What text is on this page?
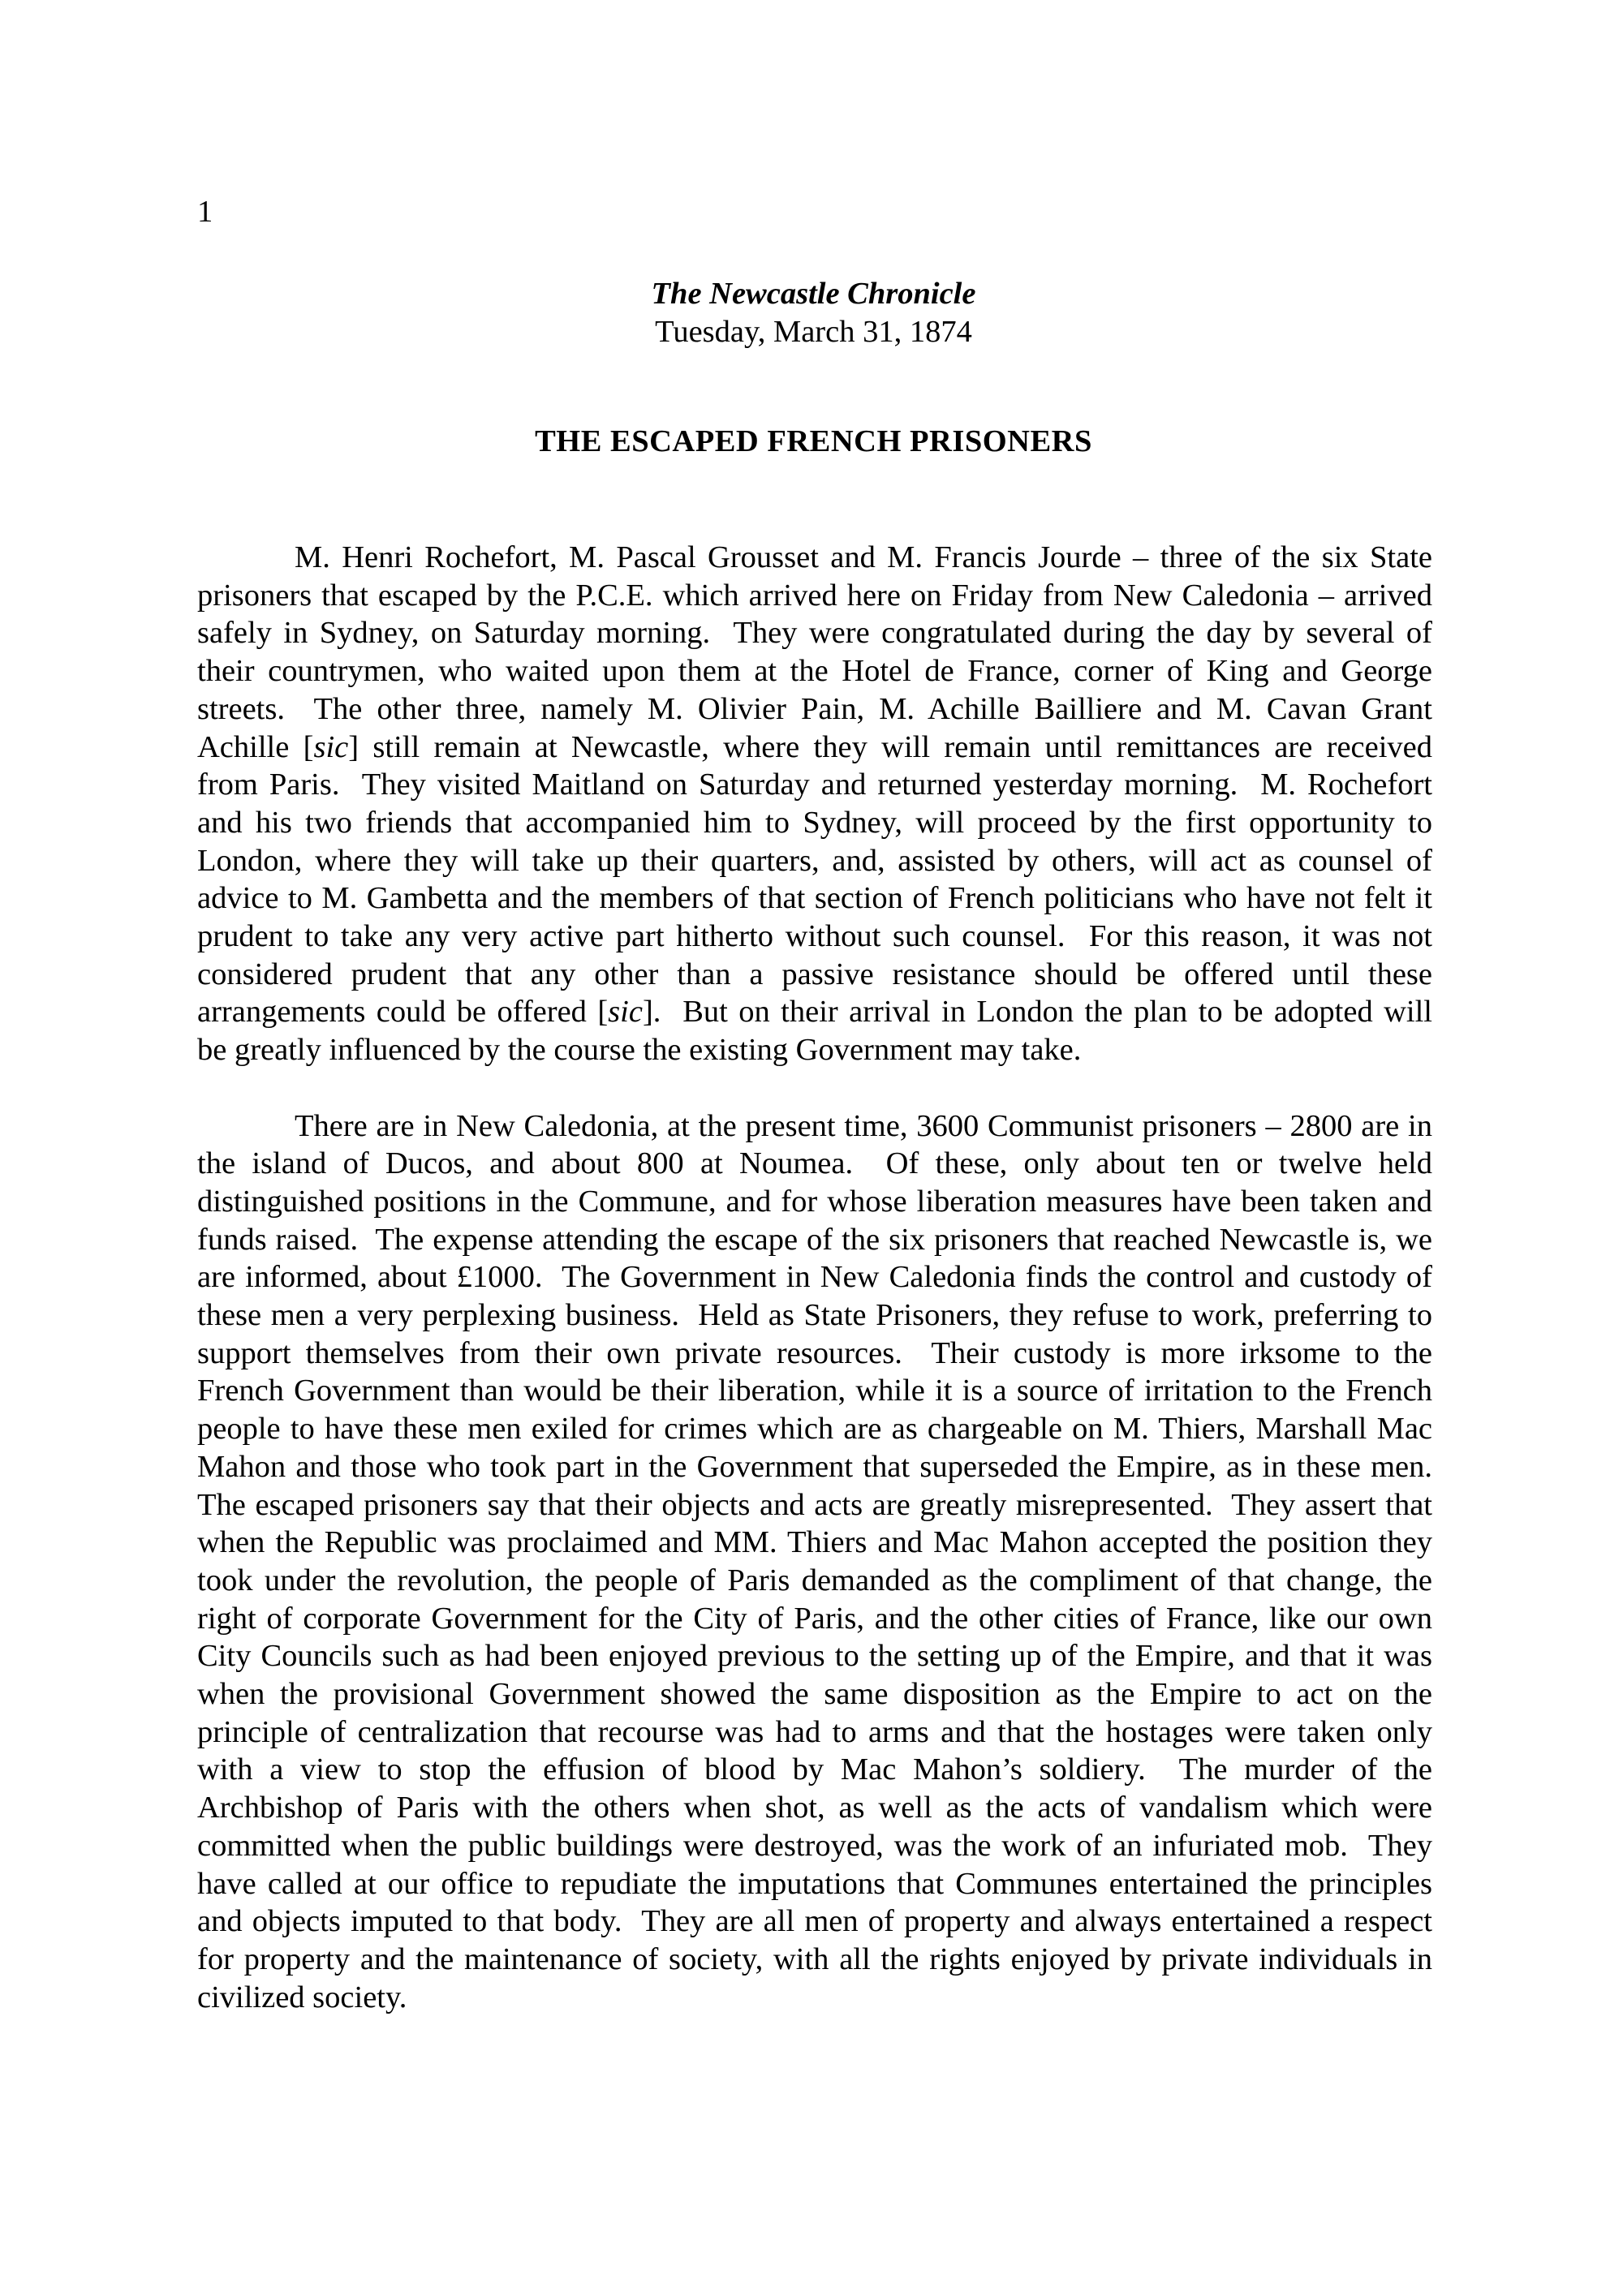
1
The Newcastle Chronicle
Tuesday, March 31, 1874
THE ESCAPED FRENCH PRISONERS
M. Henri Rochefort, M. Pascal Grousset and M. Francis Jourde – three of the six State
prisoners that escaped by the P.C.E. which arrived here on Friday from New Caledonia – arrived
safely in Sydney, on Saturday morning.  They were congratulated during the day by several of
their countrymen, who waited upon them at the Hotel de France, corner of King and George
streets.  The other three, namely M. Olivier Pain, M. Achille Bailliere and M. Cavan Grant
Achille [sic] still remain at Newcastle, where they will remain until remittances are received
from Paris.  They visited Maitland on Saturday and returned yesterday morning.  M. Rochefort
and his two friends that accompanied him to Sydney, will proceed by the first opportunity to
London, where they will take up their quarters, and, assisted by others, will act as counsel of
advice to M. Gambetta and the members of that section of French politicians who have not felt it
prudent to take any very active part hitherto without such counsel.  For this reason, it was not
considered prudent that any other than a passive resistance should be offered until these
arrangements could be offered [sic].  But on their arrival in London the plan to be adopted will
be greatly influenced by the course the existing Government may take.
There are in New Caledonia, at the present time, 3600 Communist prisoners – 2800 are in
the island of Ducos, and about 800 at Noumea.  Of these, only about ten or twelve held
distinguished positions in the Commune, and for whose liberation measures have been taken and
funds raised.  The expense attending the escape of the six prisoners that reached Newcastle is, we
are informed, about £1000.  The Government in New Caledonia finds the control and custody of
these men a very perplexing business.  Held as State Prisoners, they refuse to work, preferring to
support themselves from their own private resources.  Their custody is more irksome to the
French Government than would be their liberation, while it is a source of irritation to the French
people to have these men exiled for crimes which are as chargeable on M. Thiers, Marshall Mac
Mahon and those who took part in the Government that superseded the Empire, as in these men.
The escaped prisoners say that their objects and acts are greatly misrepresented.  They assert that
when the Republic was proclaimed and MM. Thiers and Mac Mahon accepted the position they
took under the revolution, the people of Paris demanded as the compliment of that change, the
right of corporate Government for the City of Paris, and the other cities of France, like our own
City Councils such as had been enjoyed previous to the setting up of the Empire, and that it was
when the provisional Government showed the same disposition as the Empire to act on the
principle of centralization that recourse was had to arms and that the hostages were taken only
with a view to stop the effusion of blood by Mac Mahon’s soldiery.  The murder of the
Archbishop of Paris with the others when shot, as well as the acts of vandalism which were
committed when the public buildings were destroyed, was the work of an infuriated mob.  They
have called at our office to repudiate the imputations that Communes entertained the principles
and objects imputed to that body.  They are all men of property and always entertained a respect
for property and the maintenance of society, with all the rights enjoyed by private individuals in
civilized society.
